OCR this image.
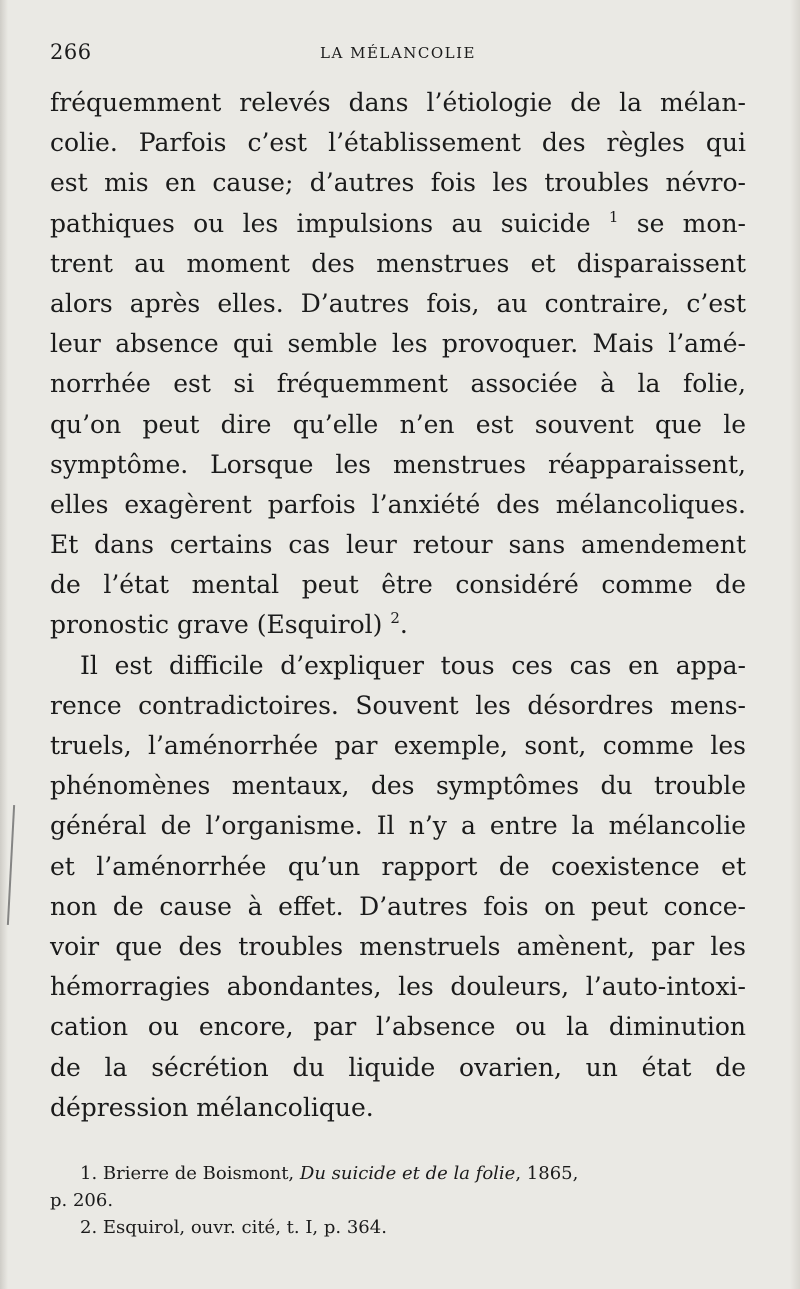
266	LA MÉLANCOLIE
fréquemment relevés dans l’étiologie de la mélan-
colie. Parfois c’est l’établissement des règles qui
est mis en cause; d’autres fois les troubles névro-
pathiques ou les impulsions au suicide $^1$ se mon-
trent au moment des menstrues et disparaissent
alors après elles. D’autres fois, au contraire, c’est
leur absence qui semble les provoquer. Mais l’amé-
norrhée est si fréquemment associée à la folie,
qu’on peut dire qu’elle n’en est souvent que le
symptôme. Lorsque les menstrues réapparaissent,
elles exagèrent parfois l’anxiété des mélancoliques.
Et dans certains cas leur retour sans amendement
de l’état mental peut être considéré comme de
pronostic grave (Esquirol) $^2$.
Il est difficile d’expliquer tous ces cas en appa-
rence contradictoires. Souvent les désordres mens-
truels, l’aménorrhée par exemple, sont, comme les
phénomènes mentaux, des symptômes du trouble
général de l’organisme. Il n’y a entre la mélancolie
et l’aménorrhée qu’un rapport de coexistence et
non de cause à effet. D’autres fois on peut conce-
voir que des troubles menstruels amènent, par les
hémorragies abondantes, les douleurs, l’auto-intoxi-
cation ou encore, par l’absence ou la diminution
de la sécrétion du liquide ovarien, un état de
dépression mélancolique.
1. Brierre de Boismont, Du suicide et de la folie, 1865,
p. 206.
2. Esquirol, ouvr. cité, t. I, p. 364.
